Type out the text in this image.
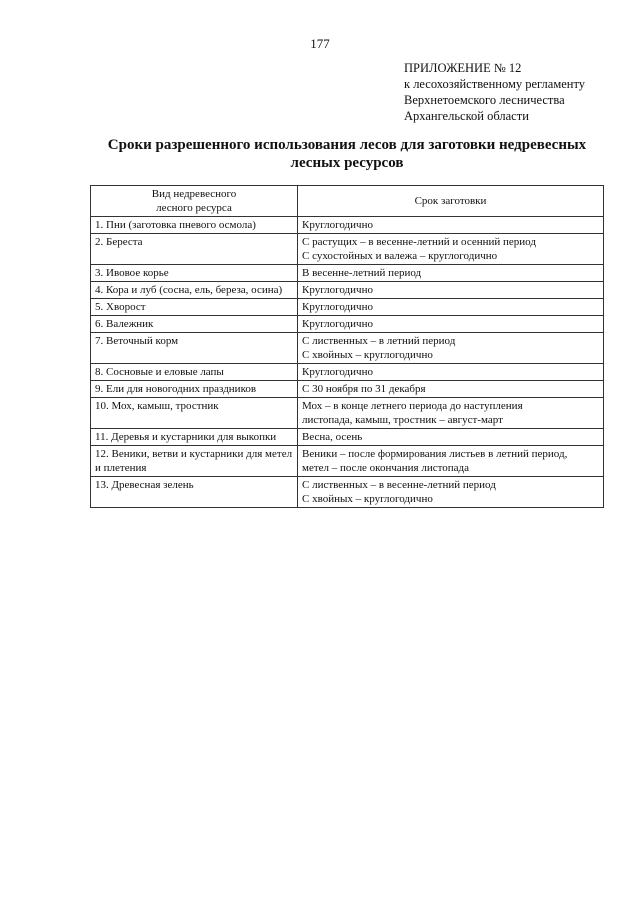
177
ПРИЛОЖЕНИЕ № 12
к лесохозяйственному регламенту
Верхнетоемского лесничества
Архангельской области
Сроки разрешенного использования лесов для заготовки недревесных
лесных ресурсов
Вид недревесного
лесного ресурса	Срок заготовки

1. Пни (заготовка пневого осмола)	Круглогодично

2. Береста	С растущих – в весенне-летний и осенний период
С сухостойных и валежа – круглогодично

3. Ивовое корье	В весенне-летний период

4. Кора и луб (сосна, ель, береза, осина)	Круглогодично

5. Хворост	Круглогодично

6. Валежник	Круглогодично

7. Веточный корм	С лиственных – в летний период
С хвойных – круглогодично

8. Сосновые и еловые лапы	Круглогодично

9. Ели для новогодних праздников	С 30 ноября по 31 декабря

10. Мох, камыш, тростник	Мох – в конце летнего периода до наступления
листопада, камыш, тростник – август-март

11. Деревья и кустарники для выкопки	Весна, осень

12. Веники, ветви и кустарники для метел и плетения	Веники – после формирования листьев в летний период,
метел – после окончания листопада

13. Древесная зелень	С лиственных – в весенне-летний период
С хвойных – круглогодично
